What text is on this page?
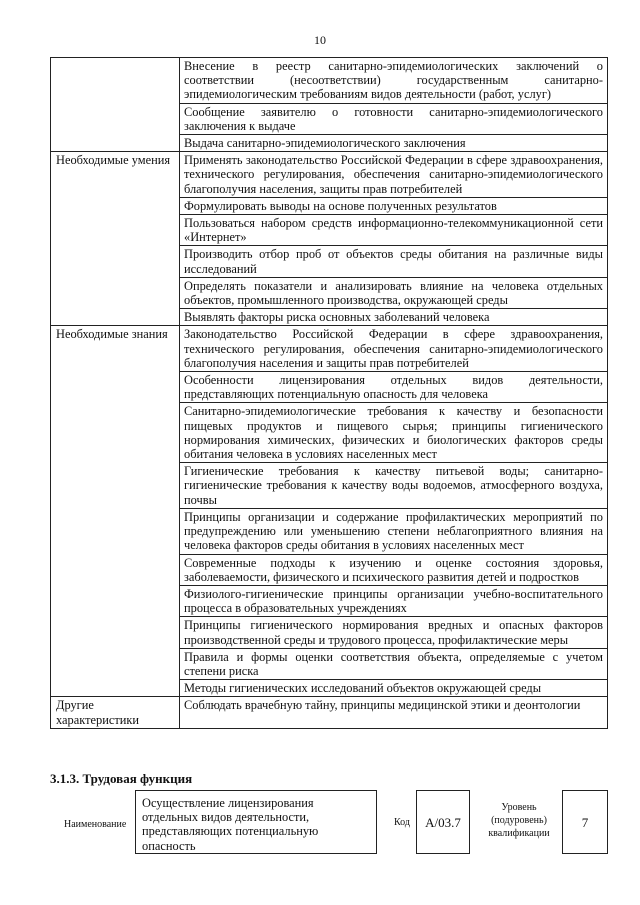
10
	Внесение в реестр санитарно-эпидемиологических заключений о соответствии (несоответствии) государственным санитарно-эпидемиологическим требованиям видов деятельности (работ, услуг)
	Сообщение заявителю о готовности санитарно-эпидемиологического заключения к выдаче
	Выдача санитарно-эпидемиологического заключения
Необходимые умения	Применять законодательство Российской Федерации в сфере здравоохранения, технического регулирования, обеспечения санитарно-эпидемиологического благополучия населения, защиты прав потребителей
	Формулировать выводы на основе полученных результатов
	Пользоваться набором средств информационно-телекоммуникационной сети «Интернет»
	Производить отбор проб от объектов среды обитания на различные виды исследований
	Определять показатели и анализировать влияние на человека отдельных объектов, промышленного производства, окружающей среды
	Выявлять факторы риска основных заболеваний человека
Необходимые знания	Законодательство Российской Федерации в сфере здравоохранения, технического регулирования, обеспечения санитарно-эпидемиологического благополучия населения и защиты прав потребителей
	Особенности лицензирования отдельных видов деятельности, представляющих потенциальную опасность для человека
	Санитарно-эпидемиологические требования к качеству и безопасности пищевых продуктов и пищевого сырья; принципы гигиенического нормирования химических, физических и биологических факторов среды обитания человека в условиях населенных мест
	Гигиенические требования к качеству питьевой воды; санитарно-гигиенические требования к качеству воды водоемов, атмосферного воздуха, почвы
	Принципы организации и содержание профилактических мероприятий по предупреждению или уменьшению степени неблагоприятного влияния на человека факторов среды обитания в условиях населенных мест
	Современные подходы к изучению и оценке состояния здоровья, заболеваемости, физического и психического развития детей и подростков
	Физиолого-гигиенические принципы организации учебно-воспитательного процесса в образовательных учреждениях
	Принципы гигиенического нормирования вредных и опасных факторов производственной среды и трудового процесса, профилактические меры
	Правила и формы оценки соответствия объекта, определяемые с учетом степени риска
	Методы гигиенических исследований объектов окружающей среды
Другие характеристики	Соблюдать врачебную тайну, принципы медицинской этики и деонтологии
3.1.3. Трудовая функция
Наименование
Осуществление лицензирования отдельных видов деятельности, представляющих потенциальную опасность
Код	А/03.7
Уровень (подуровень) квалификации
7
